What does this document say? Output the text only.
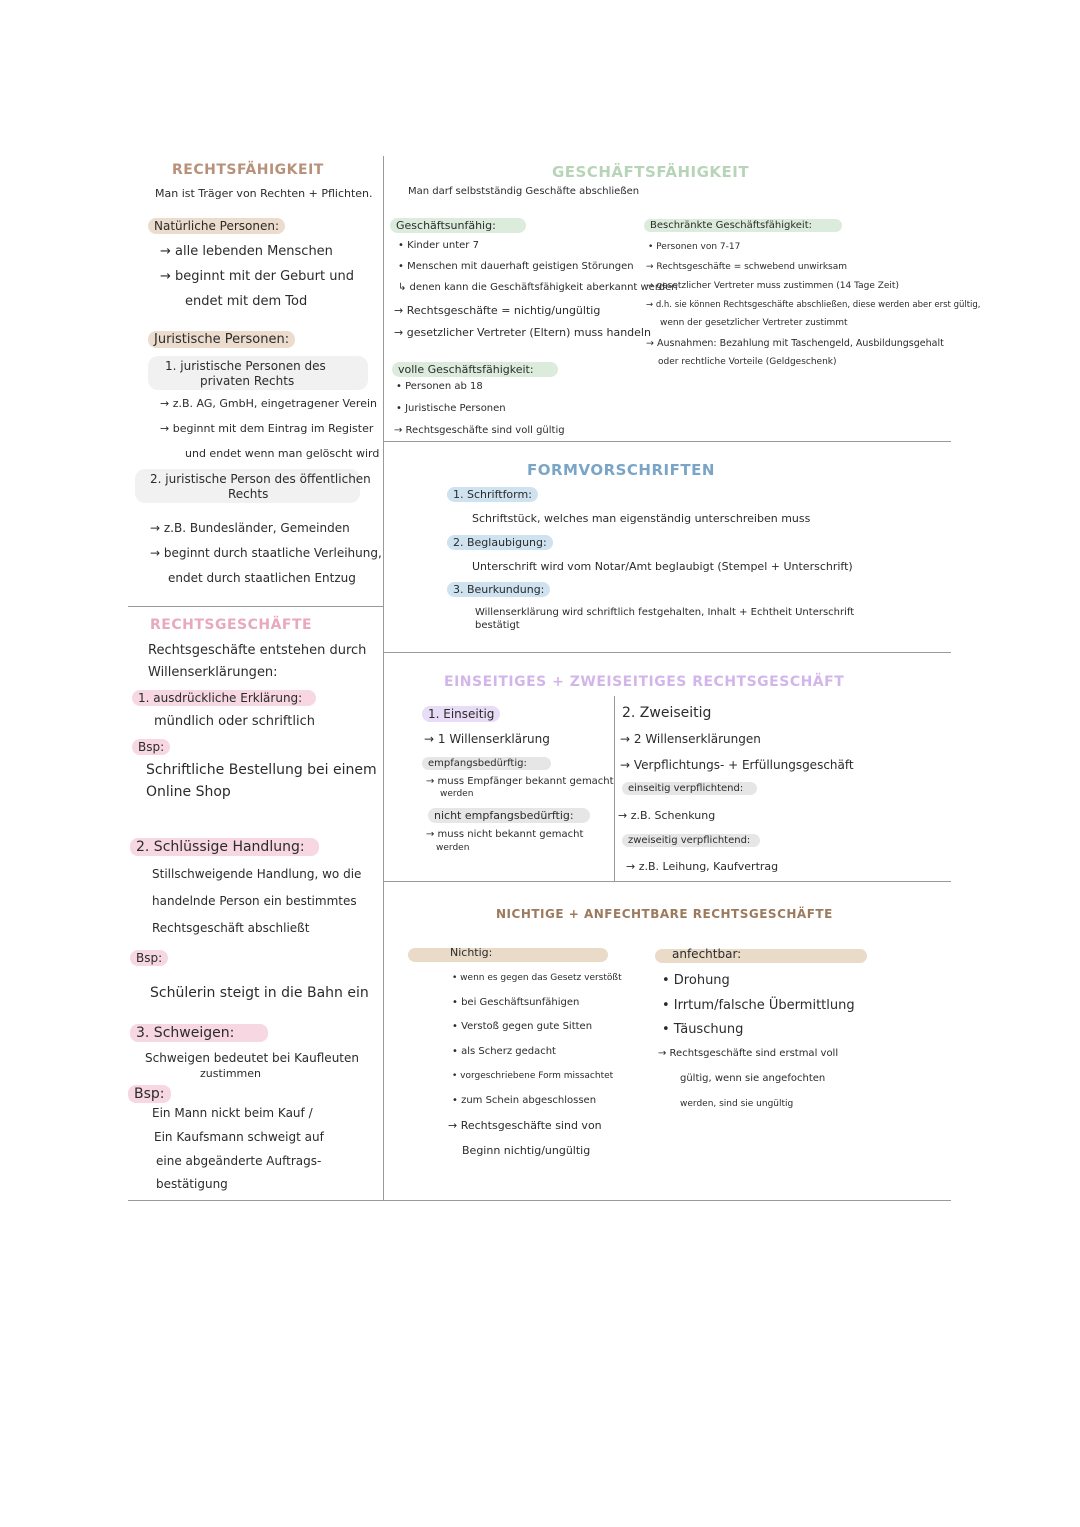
RECHTSFÄHIGKEIT
Man ist Träger von Rechten + Pflichten.
Natürliche Personen:
→ alle lebenden Menschen
→ beginnt mit der Geburt und
endet mit dem Tod
Juristische Personen:
1. juristische Personen des
privaten Rechts
→ z.B. AG, GmbH, eingetragener Verein
→ beginnt mit dem Eintrag im Register
und endet wenn man gelöscht wird
2. juristische Person des öffentlichen
Rechts
→ z.B. Bundesländer, Gemeinden
→ beginnt durch staatliche Verleihung,
endet durch staatlichen Entzug
GESCHÄFTSFÄHIGKEIT
Man darf selbstständig Geschäfte abschließen
Geschäftsunfähig:
• Kinder unter 7
• Menschen mit dauerhaft geistigen Störungen
↳ denen kann die Geschäftsfähigkeit aberkannt werden
→ Rechtsgeschäfte = nichtig/ungültig
→ gesetzlicher Vertreter (Eltern) muss handeln
Beschränkte Geschäftsfähigkeit:
• Personen von 7-17
→ Rechtsgeschäfte = schwebend unwirksam
→ gesetzlicher Vertreter muss zustimmen (14 Tage Zeit)
→ d.h. sie können Rechtsgeschäfte abschließen, diese werden aber erst gültig,
wenn der gesetzlicher Vertreter zustimmt
→ Ausnahmen: Bezahlung mit Taschengeld, Ausbildungsgehalt
oder rechtliche Vorteile (Geldgeschenk)
volle Geschäftsfähigkeit:
• Personen ab 18
• Juristische Personen
→ Rechtsgeschäfte sind voll gültig
FORMVORSCHRIFTEN
1. Schriftform:
Schriftstück, welches man eigenständig unterschreiben muss
2. Beglaubigung:
Unterschrift wird vom Notar/Amt beglaubigt (Stempel + Unterschrift)
3. Beurkundung:
Willenserklärung wird schriftlich festgehalten, Inhalt + Echtheit Unterschrift
bestätigt
RECHTSGESCHÄFTE
Rechtsgeschäfte entstehen durch
Willenserklärungen:
1. ausdrückliche Erklärung:
mündlich oder schriftlich
Bsp:
Schriftliche Bestellung bei einem
Online Shop
2. Schlüssige Handlung:
Stillschweigende Handlung, wo die
handelnde Person ein bestimmtes
Rechtsgeschäft abschließt
Bsp:
Schülerin steigt in die Bahn ein
3. Schweigen:
Schweigen bedeutet bei Kaufleuten
zustimmen
Bsp:
Ein Mann nickt beim Kauf /
Ein Kaufsmann schweigt auf
eine abgeänderte Auftrags-
bestätigung
EINSEITIGES + ZWEISEITIGES RECHTSGESCHÄFT
1. Einseitig
→ 1 Willenserklärung
empfangsbedürftig:
→ muss Empfänger bekannt gemacht
werden
nicht empfangsbedürftig:
→ muss nicht bekannt gemacht
werden
2. Zweiseitig
→ 2 Willenserklärungen
→ Verpflichtungs- + Erfüllungsgeschäft
einseitig verpflichtend:
→ z.B. Schenkung
zweiseitig verpflichtend:
→ z.B. Leihung, Kaufvertrag
NICHTIGE + ANFECHTBARE RECHTSGESCHÄFTE
Nichtig:
• wenn es gegen das Gesetz verstößt
• bei Geschäftsunfähigen
• Verstoß gegen gute Sitten
• als Scherz gedacht
• vorgeschriebene Form missachtet
• zum Schein abgeschlossen
→ Rechtsgeschäfte sind von
Beginn nichtig/ungültig
anfechtbar:
• Drohung
• Irrtum/falsche Übermittlung
• Täuschung
→ Rechtsgeschäfte sind erstmal voll
gültig, wenn sie angefochten
werden, sind sie ungültig
